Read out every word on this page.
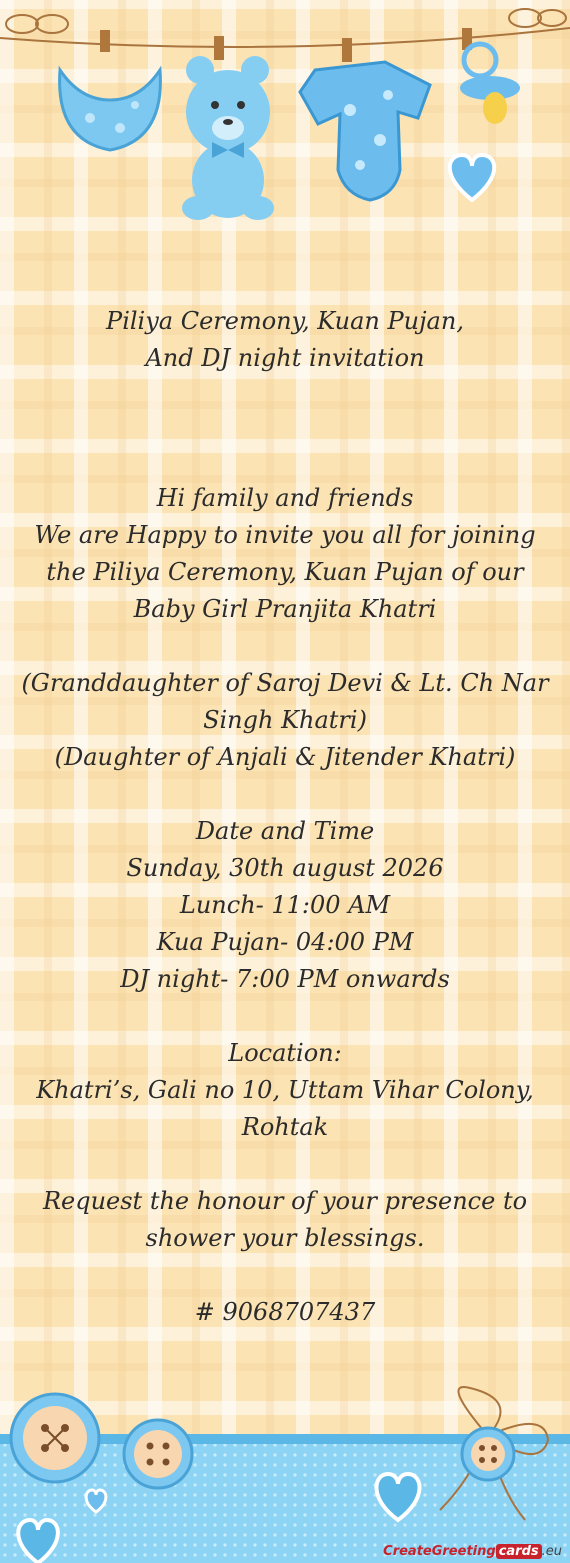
Piliya Ceremony, Kuan Pujan,
And DJ night invitation
Hi family and friends
We are Happy to invite you all for joining
the Piliya Ceremony, Kuan Pujan of our
Baby Girl Pranjita Khatri

(Granddaughter of Saroj Devi & Lt. Ch Nar
Singh Khatri)
(Daughter of Anjali & Jitender Khatri)

Date and Time
Sunday, 30th august 2026
Lunch- 11:00 AM
Kua Pujan- 04:00 PM
DJ night- 7:00 PM onwards

Location:
Khatri’s, Gali no 10, Uttam Vihar Colony,
Rohtak

Request the honour of your presence to
shower your blessings.

# 9068707437
CreateGreeting cards .eu
